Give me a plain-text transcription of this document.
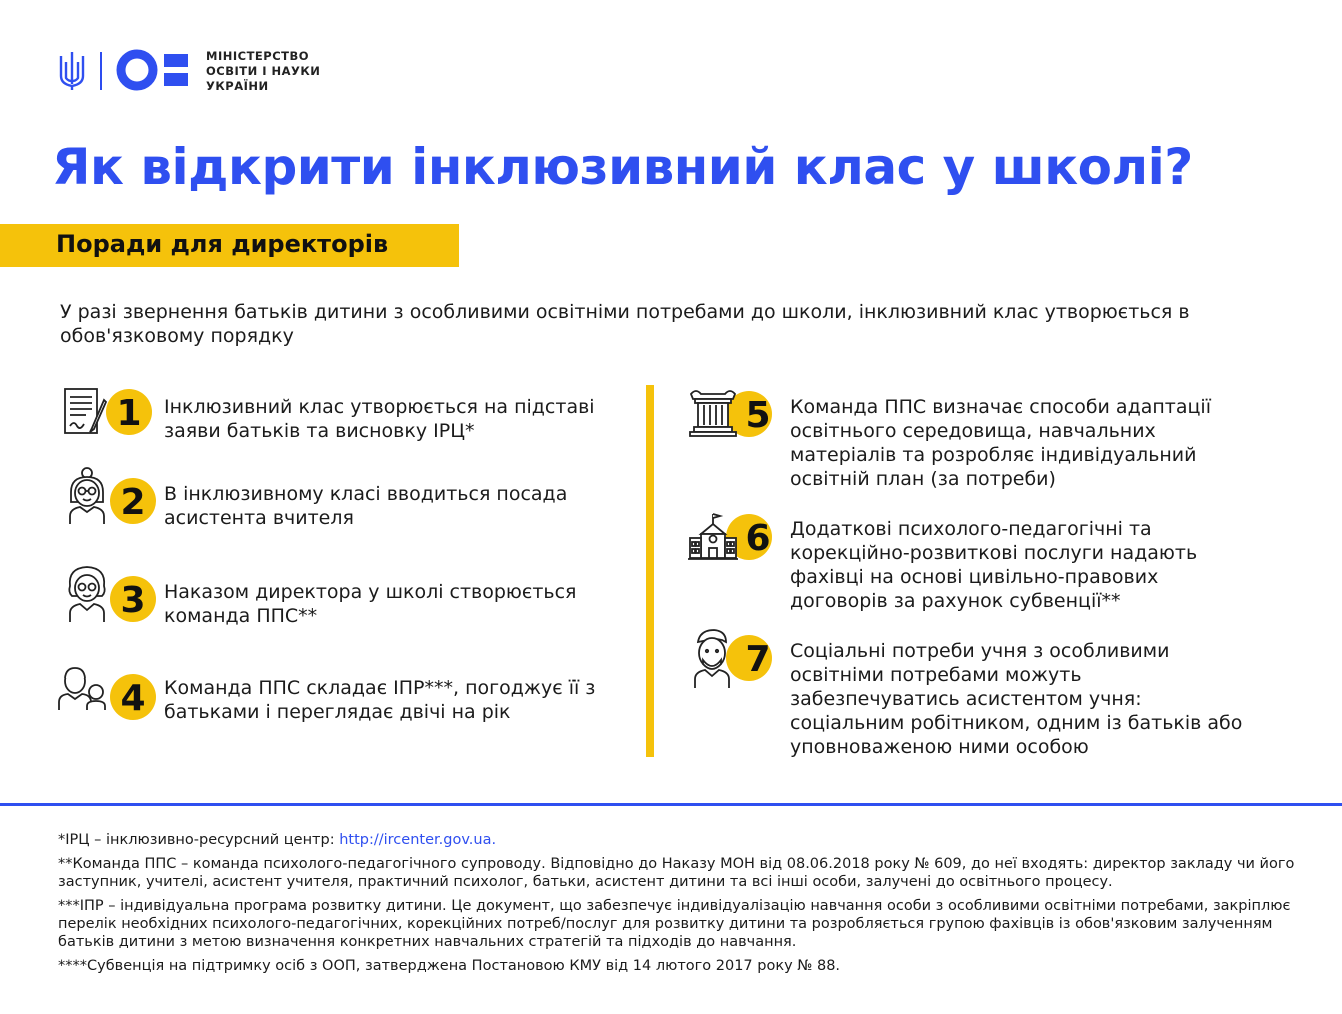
МІНІСТЕРСТВО
ОСВІТИ І НАУКИ
УКРАЇНИ
Як відкрити інклюзивний клас у школі?
Поради для директорів
У разі звернення батьків дитини з особливими освітніми потребами до школи, інклюзивний клас утворюється в обов'язковому порядку
1	Інклюзивний клас утворюється на підставі заяви батьків та висновку ІРЦ*
2 В інклюзивному класі вводиться посада асистента вчителя
3 Наказом директора у школі створюється команда ППС**
4 Команда ППС складає ІПР***, погоджує її з батьками і переглядає двічі на рік
5	Команда ППС визначає способи адаптації освітнього середовища, навчальних матеріалів та розробляє індивідуальний освітній план (за потреби)
6	Додаткові психолого-педагогічні та корекційно-розвиткові послуги надають фахівці на основі цивільно-правових договорів за рахунок субвенції**
7	Соціальні потреби учня з особливими освітніми потребами можуть забезпечуватись асистентом учня: соціальним робітником, одним із батьків або уповноваженою ними особою
*ІРЦ – інклюзивно-ресурсний центр: http://ircenter.gov.ua.
**Команда ППС – команда психолого-педагогічного супроводу. Відповідно до Наказу МОН від 08.06.2018 року № 609, до неї входять: директор закладу чи його заступник, учителі, асистент учителя, практичний психолог, батьки, асистент дитини та всі інші особи, залучені до освітнього процесу.
***ІПР – індивідуальна програма розвитку дитини. Це документ, що забезпечує індивідуалізацію навчання особи з особливими освітніми потребами, закріплює перелік необхідних психолого-педагогічних, корекційних потреб/послуг для розвитку дитини та розробляється групою фахівців із обов'язковим залученням батьків дитини з метою визначення конкретних навчальних стратегій та підходів до навчання.
****Субвенція на підтримку осіб з ООП, затверджена Постановою КМУ від 14 лютого 2017 року № 88.
